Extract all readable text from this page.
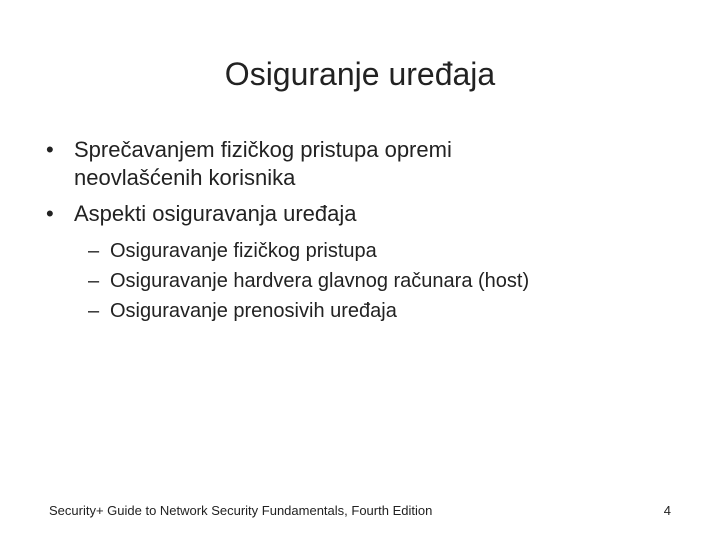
Osiguranje uređaja
• Sprečavanjem fizičkog pristupa opremi
neovlašćenih korisnika
• Aspekti osiguravanja uređaja
– Osiguravanje fizičkog pristupa
– Osiguravanje hardvera glavnog računara (host)
– Osiguravanje prenosivih uređaja
Security+ Guide to Network Security Fundamentals, Fourth Edition	4
